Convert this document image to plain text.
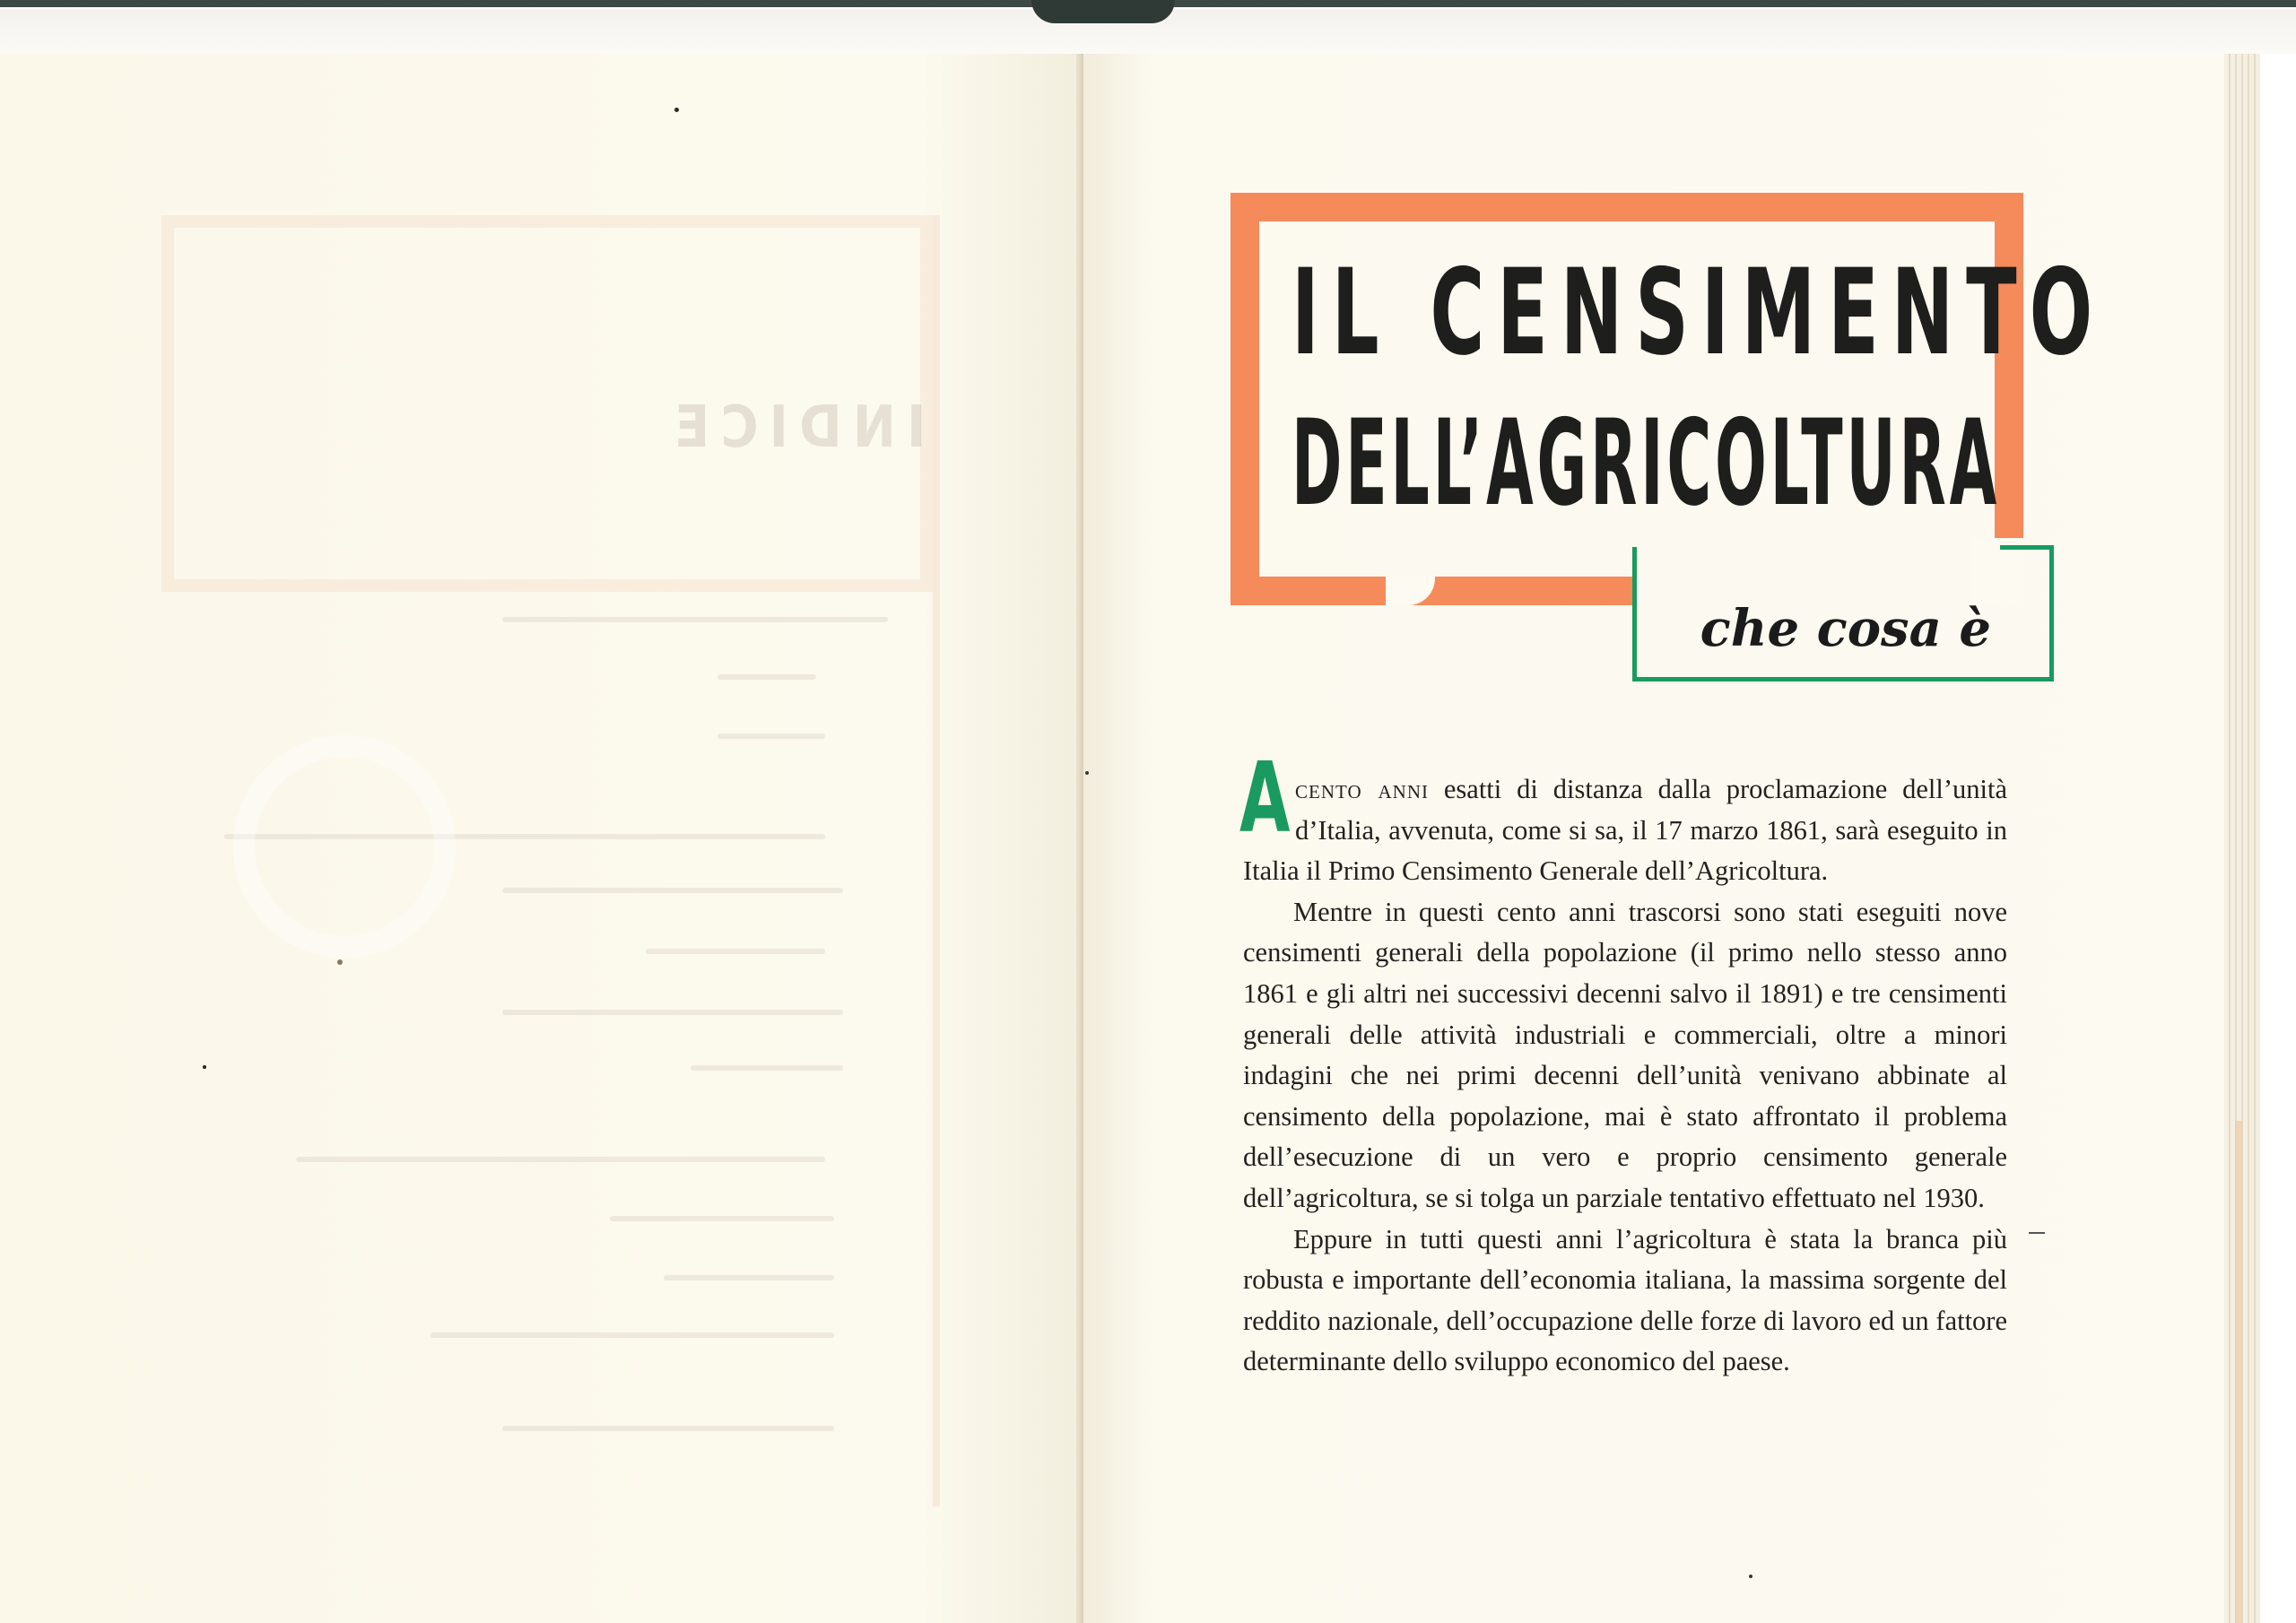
INDICE
IL CENSIMENTO
DELL’AGRICOLTURA
che cosa è

Acento anni esatti di distanza dalla proclamazione dell’unità d’Italia, avvenuta, come si sa, il 17 marzo 1861, sarà eseguito in Italia il Primo Censimento Generale dell’Agricoltura.

Mentre in questi cento anni trascorsi sono stati eseguiti nove censimenti generali della popolazione (il primo nello stesso anno 1861 e gli altri nei successivi decenni salvo il 1891) e tre censimenti generali delle attività industriali e commerciali, oltre a minori indagini che nei primi decenni dell’unità venivano abbinate al censimento della popolazione, mai è stato affrontato il problema dell’esecuzione di un vero e proprio censimento generale dell’agricoltura, se si tolga un parziale tentativo effettuato nel 1930.

Eppure in tutti questi anni l’agricoltura è stata la branca più robusta e importante dell’economia italiana, la massima sorgente del reddito nazionale, dell’occupazione delle forze di lavoro ed un fattore determinante dello sviluppo economico del paese.
